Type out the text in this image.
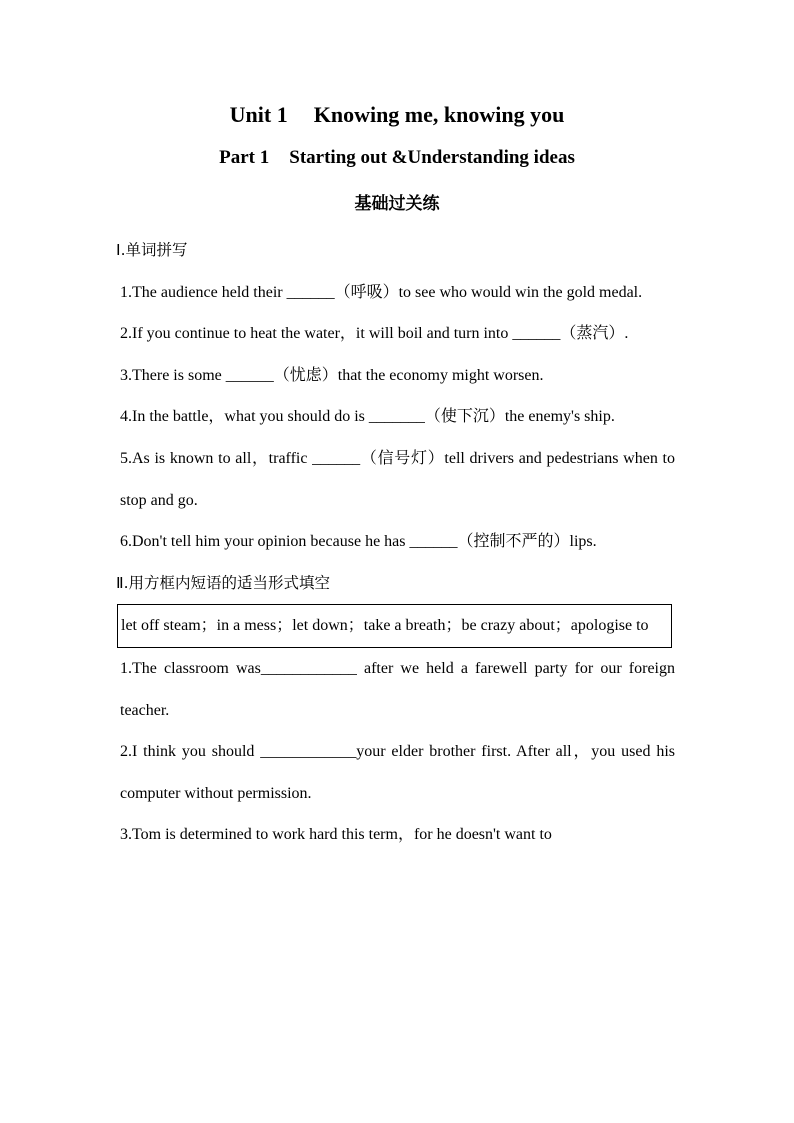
Unit 1 Knowing me, knowing you
Part 1 Starting out &Understanding ideas
基础过关练
Ⅰ.单词拼写

1.The audience held their ______（呼吸）to see who would win the gold medal.

2.If you continue to heat the water，it will boil and turn into ______（蒸汽）.

3.There is some ______（忧虑）that the economy might worsen.

4.In the battle，what you should do is _______（使下沉）the enemy's ship.

5.As is known to all，traffic ______（信号灯）tell drivers and pedestrians when to stop and go.

6.Don't tell him your opinion because he has ______（控制不严的）lips.

Ⅱ.用方框内短语的适当形式填空
let off steam；in a mess；let down；take a breath；be crazy about；apologise to

1.The classroom was____________ after we held a farewell party for our foreign teacher.

2.I think you should ____________your elder brother first. After all，you used his computer without permission.

3.Tom is determined to work hard this term，for he doesn't want to
